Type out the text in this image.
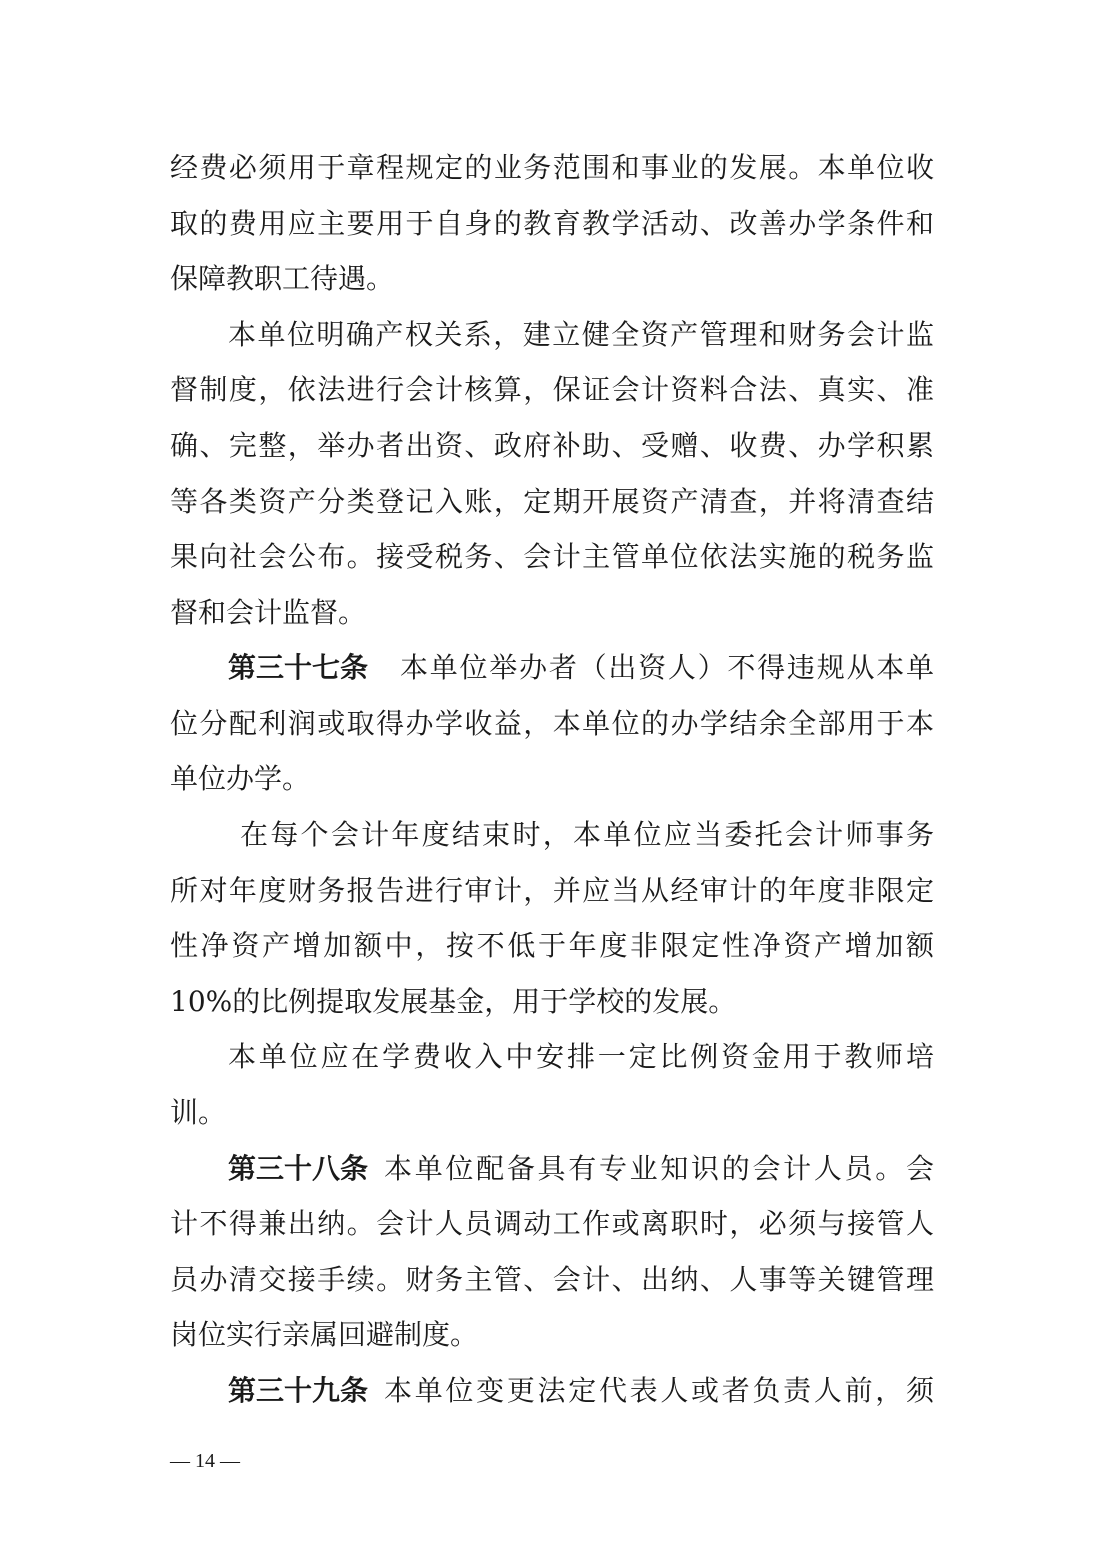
经费必须用于章程规定的业务范围和事业的发展。本单位收
取的费用应主要用于自身的教育教学活动、改善办学条件和
保障教职工待遇。
本单位明确产权关系，建立健全资产管理和财务会计监
督制度，依法进行会计核算，保证会计资料合法、真实、准
确、完整，举办者出资、政府补助、受赠、收费、办学积累
等各类资产分类登记入账，定期开展资产清查，并将清查结
果向社会公布。接受税务、会计主管单位依法实施的税务监
督和会计监督。
第三十七条	本单位举办者（出资人）不得违规从本单
位分配利润或取得办学收益，本单位的办学结余全部用于本
单位办学。
在每个会计年度结束时，本单位应当委托会计师事务
所对年度财务报告进行审计，并应当从经审计的年度非限定
性净资产增加额中，按不低于年度非限定性净资产增加额
10%的比例提取发展基金，用于学校的发展。
本单位应在学费收入中安排一定比例资金用于教师培
训。
第三十八条 本单位配备具有专业知识的会计人员。会
计不得兼出纳。会计人员调动工作或离职时，必须与接管人
员办清交接手续。财务主管、会计、出纳、人事等关键管理
岗位实行亲属回避制度。
第三十九条 本单位变更法定代表人或者负责人前，须
— 14 —
